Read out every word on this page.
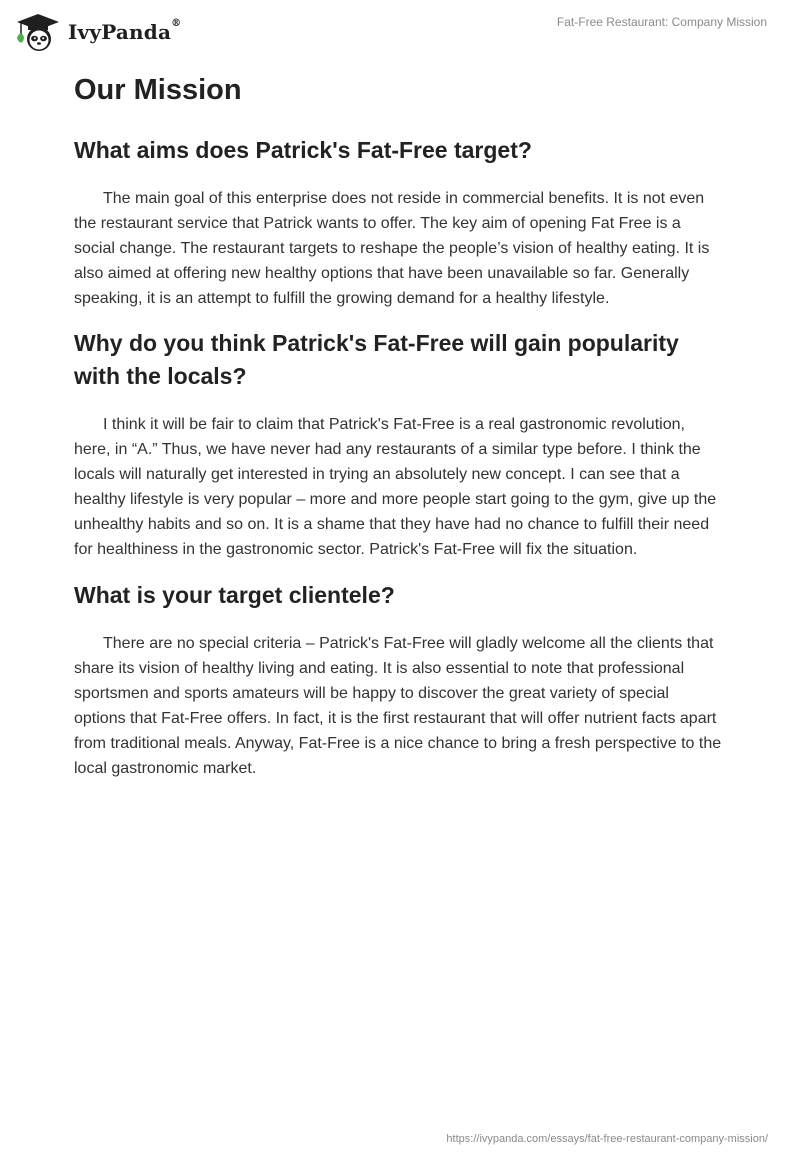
IvyPanda®	Fat-Free Restaurant: Company Mission
Our Mission
What aims does Patrick's Fat-Free target?

The main goal of this enterprise does not reside in commercial benefits. It is not even the restaurant service that Patrick wants to offer. The key aim of opening Fat Free is a social change. The restaurant targets to reshape the people’s vision of healthy eating. It is also aimed at offering new healthy options that have been unavailable so far. Generally speaking, it is an attempt to fulfill the growing demand for a healthy lifestyle.

Why do you think Patrick's Fat-Free will gain popularity with the locals?

I think it will be fair to claim that Patrick's Fat-Free is a real gastronomic revolution, here, in “A.” Thus, we have never had any restaurants of a similar type before. I think the locals will naturally get interested in trying an absolutely new concept. I can see that a healthy lifestyle is very popular – more and more people start going to the gym, give up the unhealthy habits and so on. It is a shame that they have had no chance to fulfill their need for healthiness in the gastronomic sector. Patrick's Fat-Free will fix the situation.

What is your target clientele?

There are no special criteria – Patrick's Fat-Free will gladly welcome all the clients that share its vision of healthy living and eating. It is also essential to note that professional sportsmen and sports amateurs will be happy to discover the great variety of special options that Fat-Free offers. In fact, it is the first restaurant that will offer nutrient facts apart from traditional meals. Anyway, Fat-Free is a nice chance to bring a fresh perspective to the local gastronomic market.

https://ivypanda.com/essays/fat-free-restaurant-company-mission/
